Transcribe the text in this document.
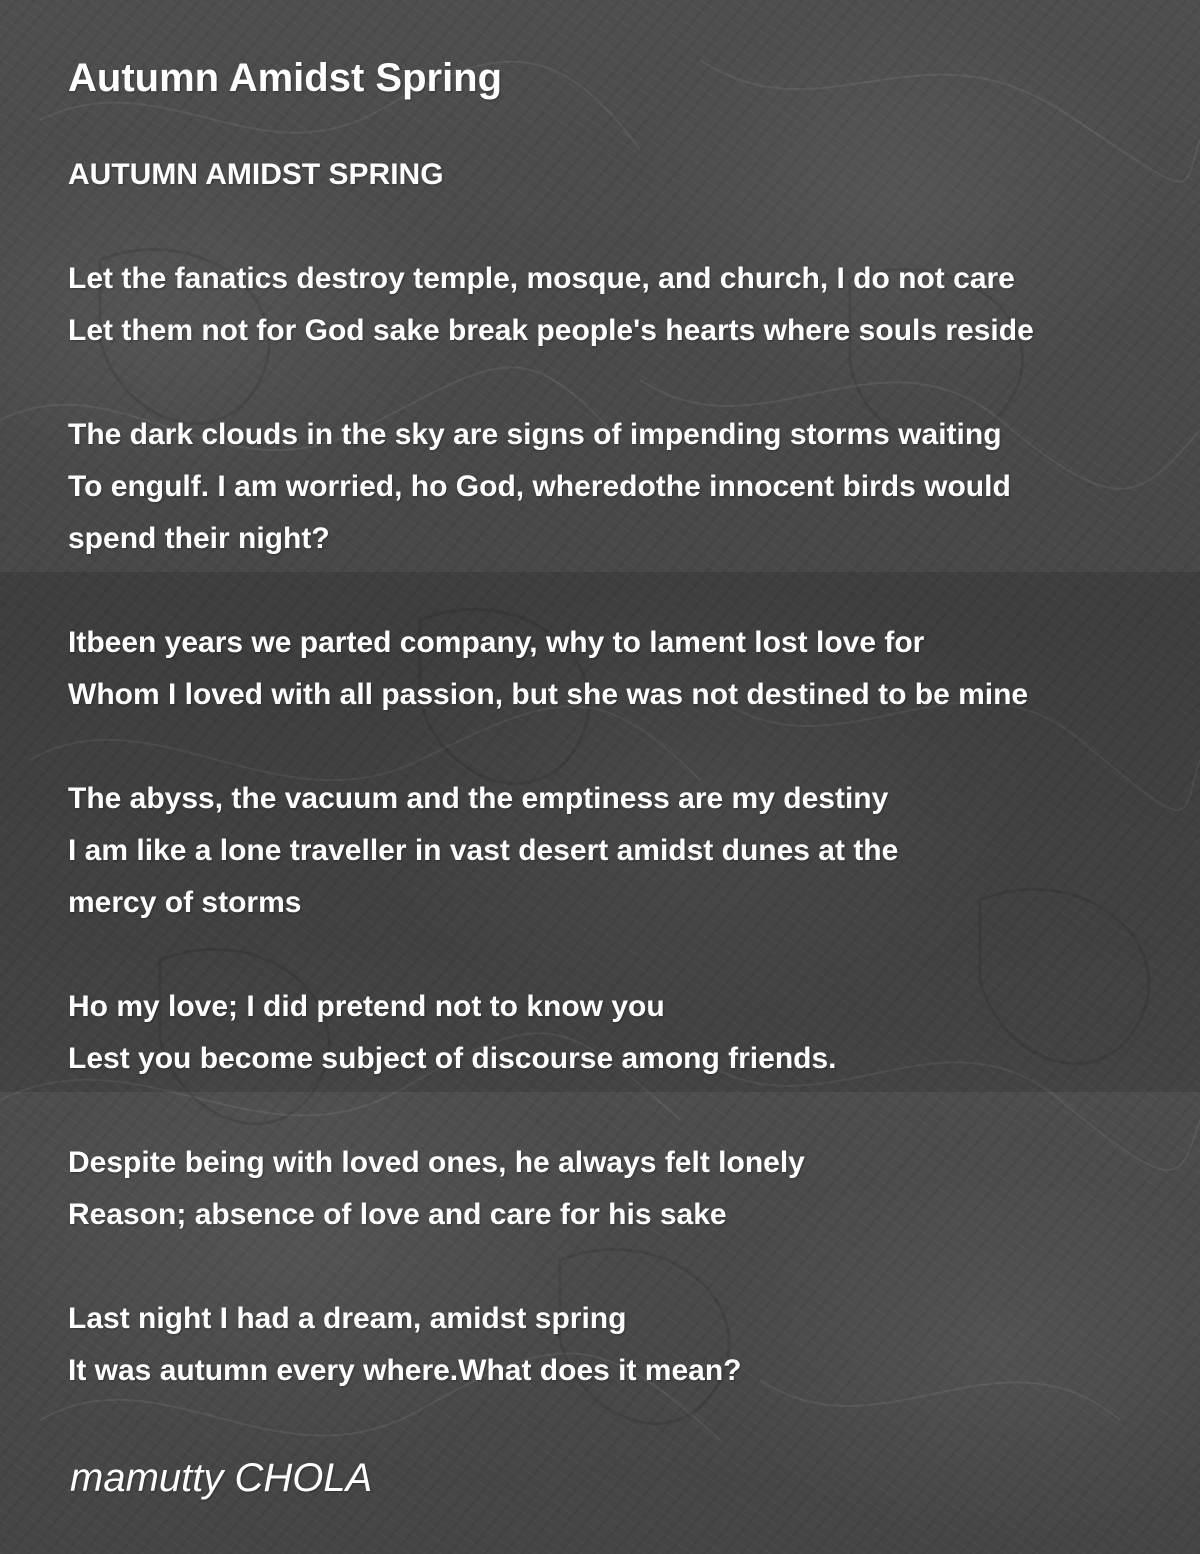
Autumn Amidst Spring
AUTUMN AMIDST SPRING
Let the fanatics destroy temple, mosque, and church, I do not care
Let them not for God sake break people's hearts where souls reside
The dark clouds in the sky are signs of impending storms waiting
To engulf. I am worried, ho God, wheredothe innocent birds would
spend their night?
Itbeen years we parted company, why to lament lost love for
Whom I loved with all passion, but she was not destined to be mine
The abyss, the vacuum and the emptiness are my destiny
I am like a lone traveller in vast desert amidst dunes at the
mercy of storms
Ho my love; I did pretend not to know you
Lest you become subject of discourse among friends.
Despite being with loved ones, he always felt lonely
Reason; absence of love and care for his sake
Last night I had a dream, amidst spring
It was autumn every where.What does it mean?
mamutty CHOLA
